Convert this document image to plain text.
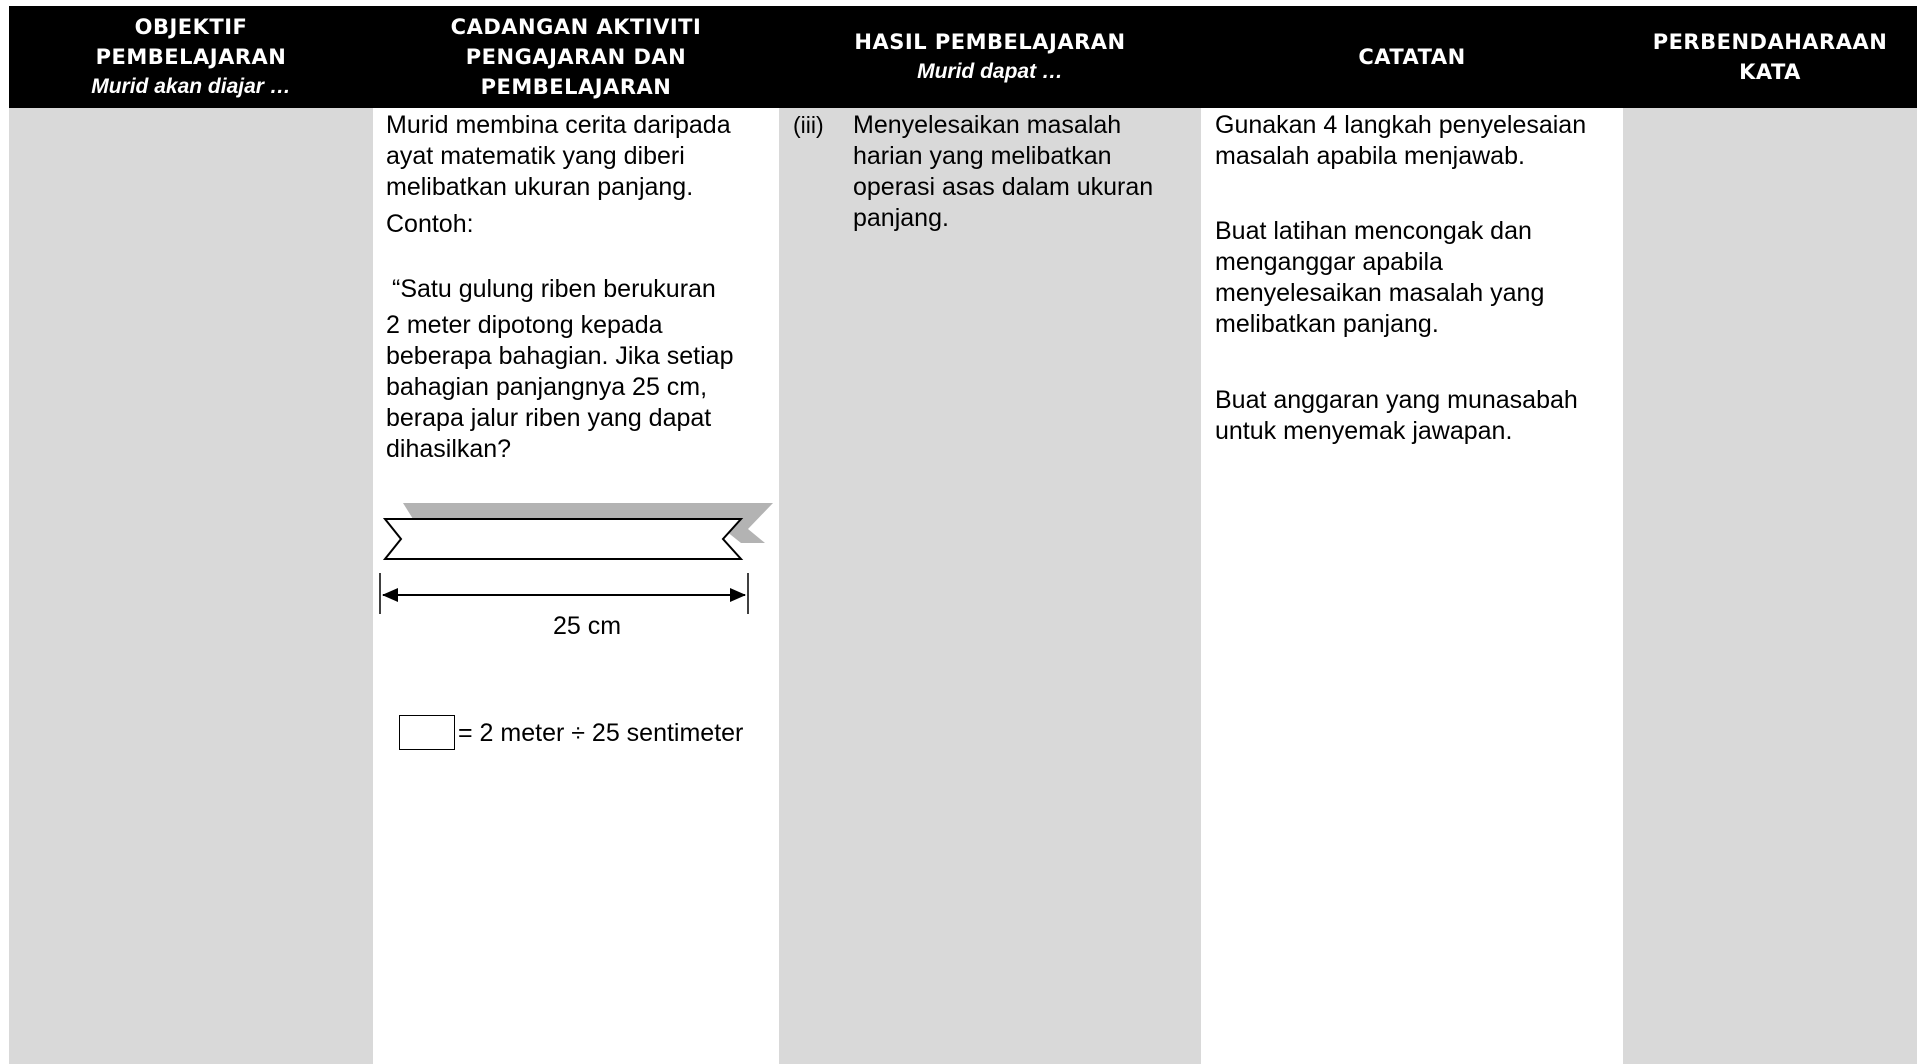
OBJEKTIF
PEMBELAJARAN
Murid akan diajar …
CADANGAN AKTIVITI
PENGAJARAN DAN
PEMBELAJARAN
HASIL PEMBELAJARAN
Murid dapat …
CATATAN
PERBENDAHARAAN
KATA

Murid membina cerita daripada ayat matematik yang diberi melibatkan ukuran panjang.

Contoh:

“Satu gulung riben berukuran

2 meter dipotong kepada beberapa bahagian. Jika setiap bahagian panjangnya 25 cm, berapa jalur riben yang dapat dihasilkan?

25 cm
= 2 meter ÷ 25 sentimeter
(iii) Menyelesaikan masalah harian yang melibatkan operasi asas dalam ukuran panjang.

Gunakan 4 langkah penyelesaian masalah apabila menjawab.

Buat latihan mencongak dan menganggar apabila menyelesaikan masalah yang melibatkan panjang.

Buat anggaran yang munasabah untuk menyemak jawapan.
